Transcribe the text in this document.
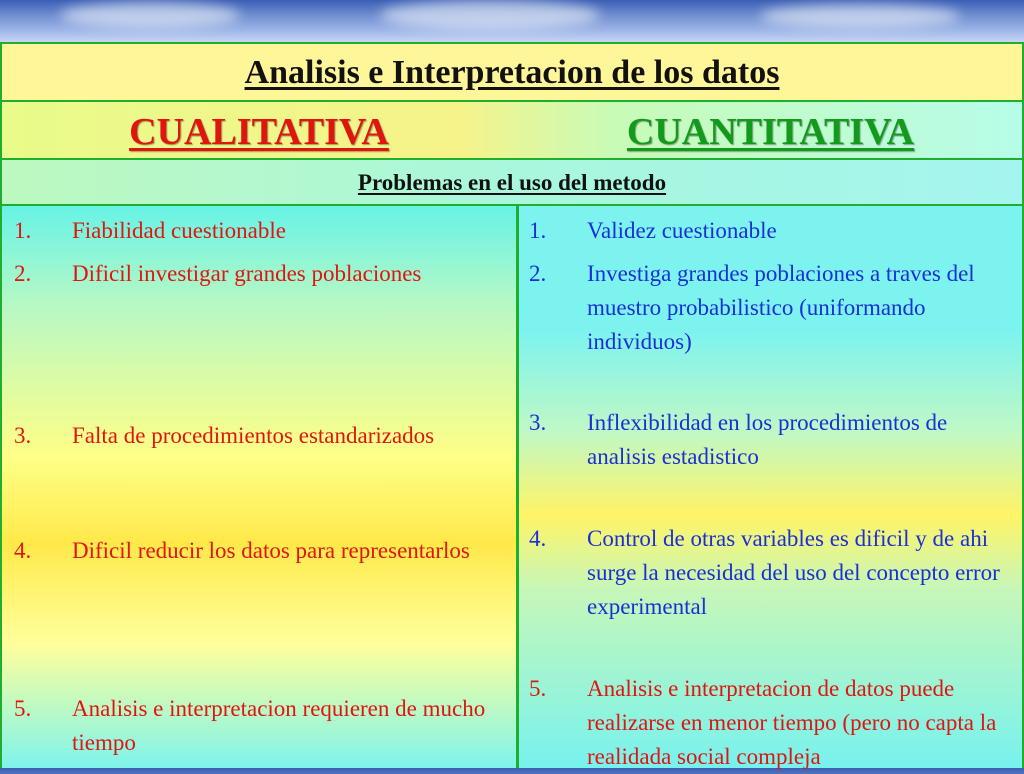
Analisis e Interpretacion de los datos
CUALITATIVA	CUANTITATIVA
Problemas en el uso del metodo
1. Fiabilidad cuestionable
2. Dificil investigar grandes poblaciones
3. Falta de procedimientos estandarizados
4. Dificil reducir los datos para representarlos
5. Analisis e interpretacion requieren de mucho tiempo
1. Validez cuestionable
2. Investiga grandes poblaciones a traves del muestro probabilistico (uniformando individuos)
3. Inflexibilidad en los procedimientos de analisis estadistico
4. Control de otras variables es dificil y de ahi surge la necesidad del uso del concepto error experimental
5. Analisis e interpretacion de datos puede realizarse en menor tiempo (pero no capta la realidada social compleja
